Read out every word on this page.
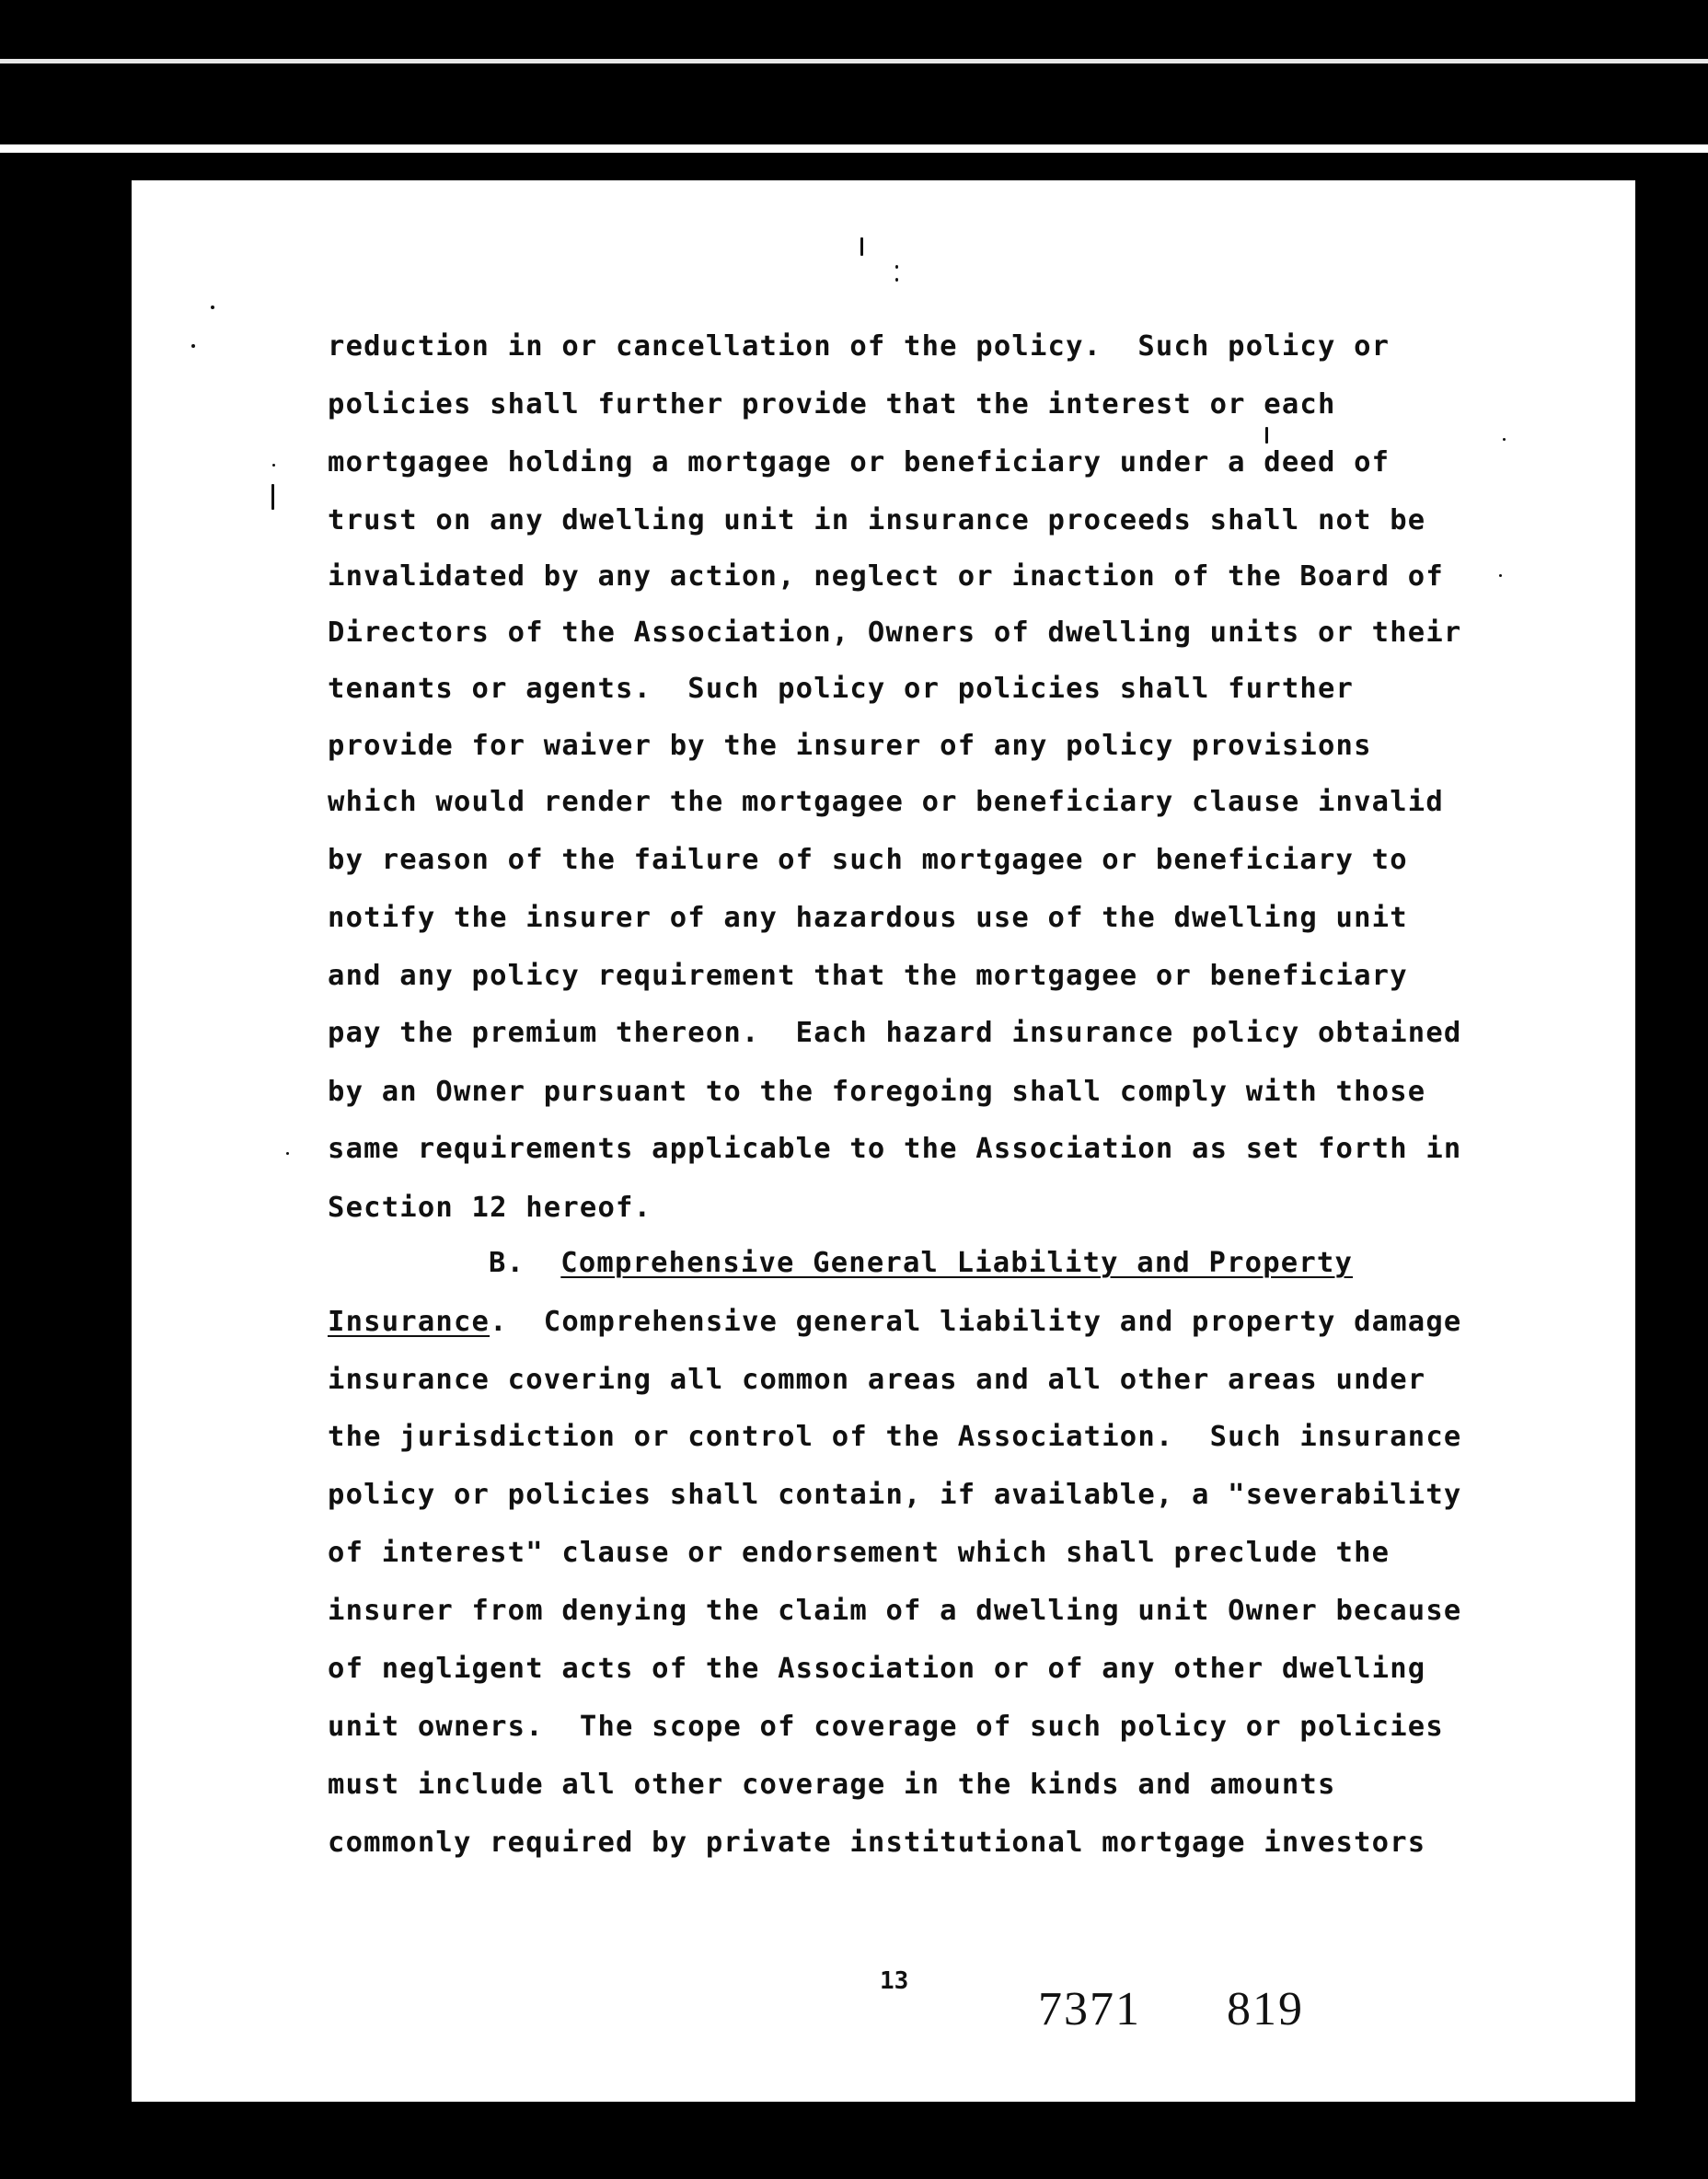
reduction in or cancellation of the policy.  Such policy or
policies shall further provide that the interest or each
mortgagee holding a mortgage or beneficiary under a deed of
trust on any dwelling unit in insurance proceeds shall not be
invalidated by any action, neglect or inaction of the Board of
Directors of the Association, Owners of dwelling units or their
tenants or agents.  Such policy or policies shall further
provide for waiver by the insurer of any policy provisions
which would render the mortgagee or beneficiary clause invalid
by reason of the failure of such mortgagee or beneficiary to
notify the insurer of any hazardous use of the dwelling unit
and any policy requirement that the mortgagee or beneficiary
pay the premium thereon.  Each hazard insurance policy obtained
by an Owner pursuant to the foregoing shall comply with those
same requirements applicable to the Association as set forth in
Section 12 hereof.
B. Comprehensive General Liability and Property
Insurance.  Comprehensive general liability and property damage
insurance covering all common areas and all other areas under
the jurisdiction or control of the Association.  Such insurance
policy or policies shall contain, if available, a "severability
of interest" clause or endorsement which shall preclude the
insurer from denying the claim of a dwelling unit Owner because
of negligent acts of the Association or of any other dwelling
unit owners.  The scope of coverage of such policy or policies
must include all other coverage in the kinds and amounts
commonly required by private institutional mortgage investors
13
7371 819
